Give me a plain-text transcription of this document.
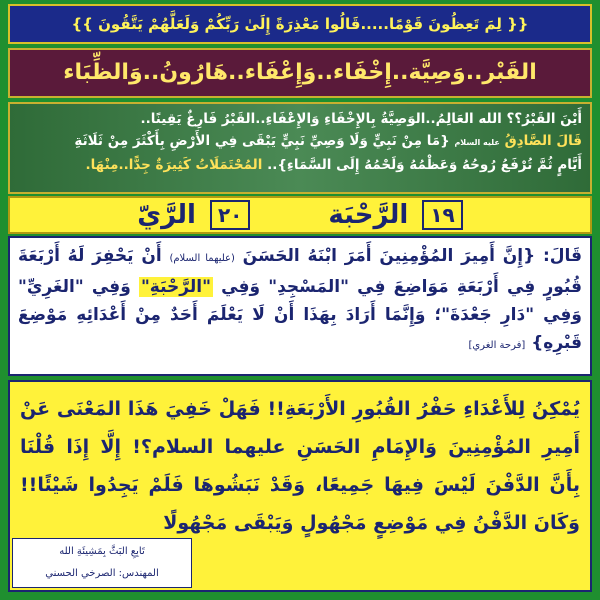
{{ لِمَ تَعِظُونَ قَوْمًا.....قَالُوا مَعْذِرَةً إِلَىٰ رَبِّكُمْ وَلَعَلَّهُمْ يَتَّقُونَ }}
القَبْر..وَصِيَّة..إِخْفَاء..وَإِعْفَاء..هَارُونُ..وَالظِّبَاء
أَيْنَ القَبْرُ؟؟ الله العَالِمُ..الوَصِيَّةُ بِالإِخْفَاءِ وَالإِعْفَاءِ..القَبْرُ فَارِغٌ يَقِينًا..
قَالَ الصَّادِقُ عليه السلام {مَا مِنْ نَبِيٍّ وَلَا وَصِيِّ نَبِيٍّ يَبْقَى فِي الأَرْضِ بِأَكْثَرَ مِنْ ثَلَاثَةِ
أَيَّامٍ ثُمَّ تُرْفَعُ رُوحُهُ وَعَظْمُهُ وَلَحْمُهُ إِلَى السَّمَاءِ}.. المُحْتَمَلَاتُ كَثِيرَةٌ جِدًّا..مِنْهَا.
١٩
الرَّحْبَة
٢٠
الرَّيّ
قَالَ: {إِنَّ أَمِيرَ المُؤْمِنِينَ أَمَرَ ابْنَهُ الحَسَنَ (عليهما السلام) أَنْ يَحْفِرَ لَهُ أَرْبَعَةَ قُبُورٍ فِي أَرْبَعَةِ مَوَاضِعَ فِي "المَسْجِدِ" وَفِي "الرَّحْبَةِ" وَفِي "الغَرِيِّ" وَفِي "دَارِ جَعْدَةَ"؛ وَإِنَّمَا أَرَادَ بِهَذَا أَنْ لَا يَعْلَمَ أَحَدٌ مِنْ أَعْدَائِهِ مَوْضِعَ قَبْرِهِ} [فرحة الغري]
يُمْكِنُ لِلأَعْدَاءِ حَفْرُ القُبُورِ الأَرْبَعَةِ!! فَهَلْ خَفِيَ هَذَا المَعْنَى عَنْ أَمِيرِ المُؤْمِنِينَ وَالإِمَامِ الحَسَنِ عليهما السلام؟! إِلَّا إِذَا قُلْنَا بِأَنَّ الدَّفْنَ لَيْسَ فِيهَا جَمِيعًا، وَقَدْ نَبَشُوهَا فَلَمْ يَجِدُوا شَيْئًا!! وَكَانَ الدَّفْنُ فِي مَوْضِعٍ مَجْهُولٍ وَيَبْقَى مَجْهُولًا
تَابِعِ البَثَّ بِمَشِيئَةِ الله
المهندس: الصرخي الحسني
